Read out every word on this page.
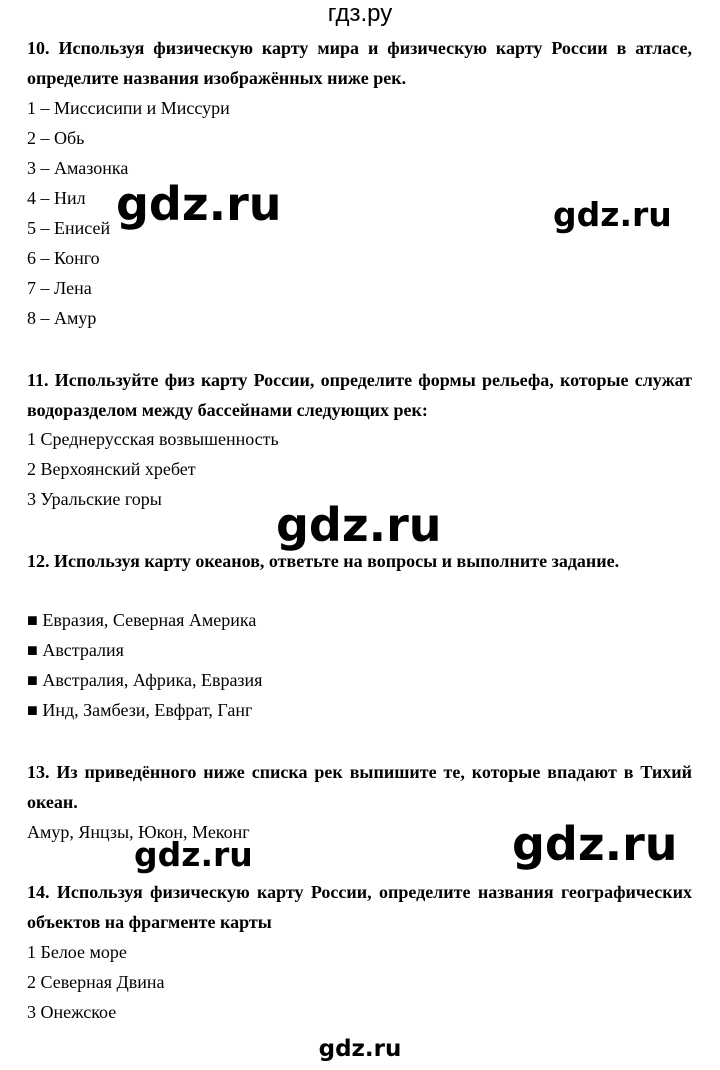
гдз.ру

10. Используя физическую карту мира и физическую карту России в атласе, определите названия изображённых ниже рек.

1 – Миссисипи и Миссури

2 – Обь

3 – Амазонка

4 – Нил

5 – Енисей

6 – Конго

7 – Лена

8 – Амур

11. Используйте физ карту России, определите формы рельефа, которые служат водоразделом между бассейнами следующих рек:

1 Среднерусская возвышенность

2 Верхоянский хребет

3 Уральские горы

12. Используя карту океанов, ответьте на вопросы и выполните задание.

■ Евразия, Северная Америка

■ Австралия

■ Австралия, Африка, Евразия

■ Инд, Замбези, Евфрат, Ганг

13. Из приведённого ниже списка рек выпишите те, которые впадают в Тихий океан.

Амур, Янцзы, Юкон, Меконг

14. Используя физическую карту России, определите названия географических объектов на фрагменте карты

1 Белое море

2 Северная Двина

3 Онежское

gdz.ru	gdz.ru
gdz.ru
gdz.ru
gdz.ru
gdz.ru
